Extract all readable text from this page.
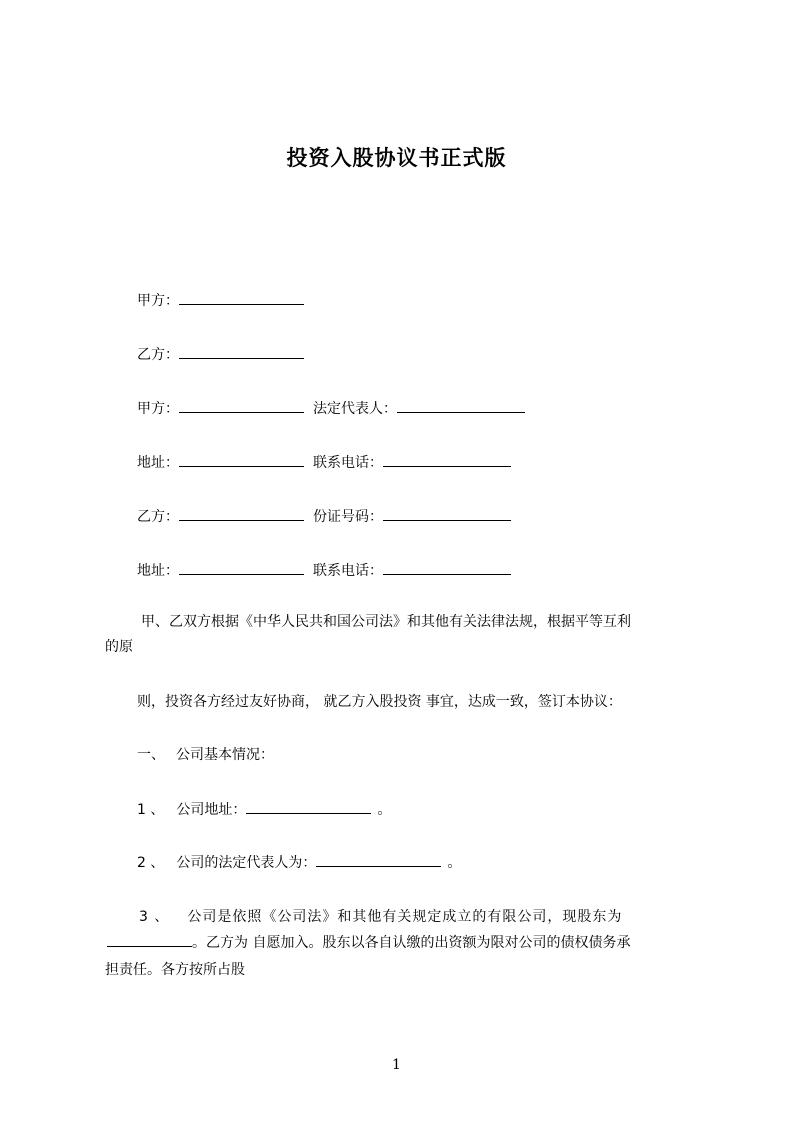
投资入股协议书正式版
甲方：
乙方：
甲方：	法定代表人：
地址：	联系电话：
乙方：	份证号码：
地址：	联系电话：
甲、乙双方根据《中华人民共和国公司法》和其他有关法律法规，根据平等互利
的原
则，投资各方经过友好协商， 就乙方入股投资 事宜，达成一致，签订本协议：
一、 公司基本情况：
1 、 公司地址：	。
2 、 公司的法定代表人为：	。
3 、 公司是依照《公司法》和其他有关规定成立的有限公司，现股东为
。乙方为 自愿加入。股东以各自认缴的出资额为限对公司的债权债务承
担责任。各方按所占股
1
